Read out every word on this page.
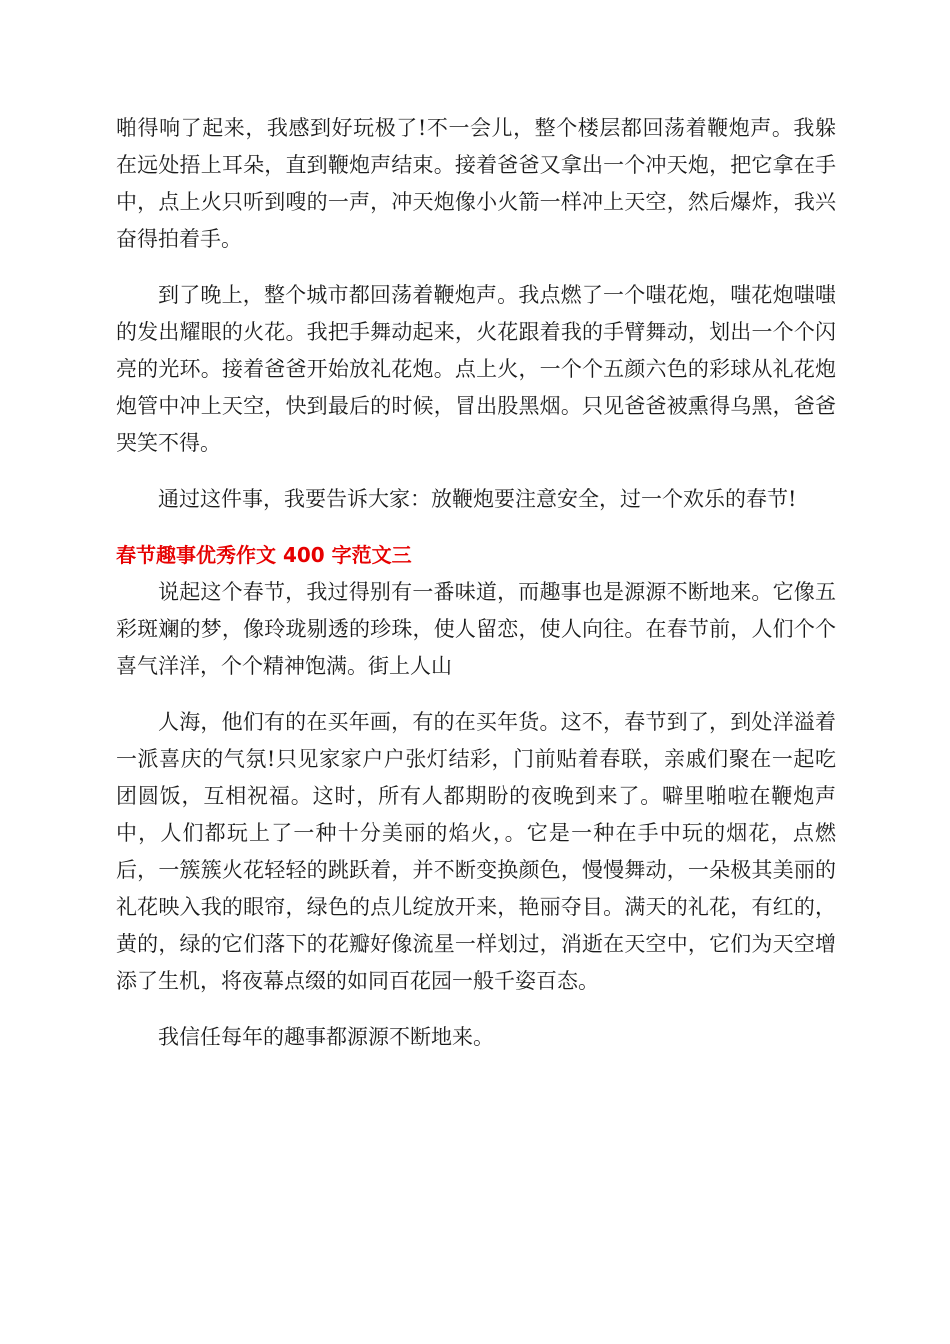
啪得响了起来，我感到好玩极了!不一会儿，整个楼层都回荡着鞭炮声。我躲在远处捂上耳朵，直到鞭炮声结束。接着爸爸又拿出一个冲天炮，把它拿在手中，点上火只听到嗖的一声，冲天炮像小火箭一样冲上天空，然后爆炸，我兴奋得拍着手。

到了晚上，整个城市都回荡着鞭炮声。我点燃了一个嗤花炮，嗤花炮嗤嗤的发出耀眼的火花。我把手舞动起来，火花跟着我的手臂舞动，划出一个个闪亮的光环。接着爸爸开始放礼花炮。点上火，一个个五颜六色的彩球从礼花炮炮管中冲上天空，快到最后的时候，冒出股黑烟。只见爸爸被熏得乌黑，爸爸哭笑不得。

通过这件事，我要告诉大家：放鞭炮要注意安全，过一个欢乐的春节!

春节趣事优秀作文 400 字范文三

说起这个春节，我过得别有一番味道，而趣事也是源源不断地来。它像五彩斑斓的梦，像玲珑剔透的珍珠，使人留恋，使人向往。在春节前，人们个个喜气洋洋，个个精神饱满。街上人山

人海，他们有的在买年画，有的在买年货。这不，春节到了，到处洋溢着一派喜庆的气氛!只见家家户户张灯结彩，门前贴着春联，亲戚们聚在一起吃团圆饭，互相祝福。这时，所有人都期盼的夜晚到来了。噼里啪啦在鞭炮声中，人们都玩上了一种十分美丽的焰火，。它是一种在手中玩的烟花，点燃后，一簇簇火花轻轻的跳跃着，并不断变换颜色，慢慢舞动，一朵极其美丽的礼花映入我的眼帘，绿色的点儿绽放开来，艳丽夺目。满天的礼花，有红的，黄的，绿的它们落下的花瓣好像流星一样划过，消逝在天空中，它们为天空增添了生机，将夜幕点缀的如同百花园一般千姿百态。

我信任每年的趣事都源源不断地来。
